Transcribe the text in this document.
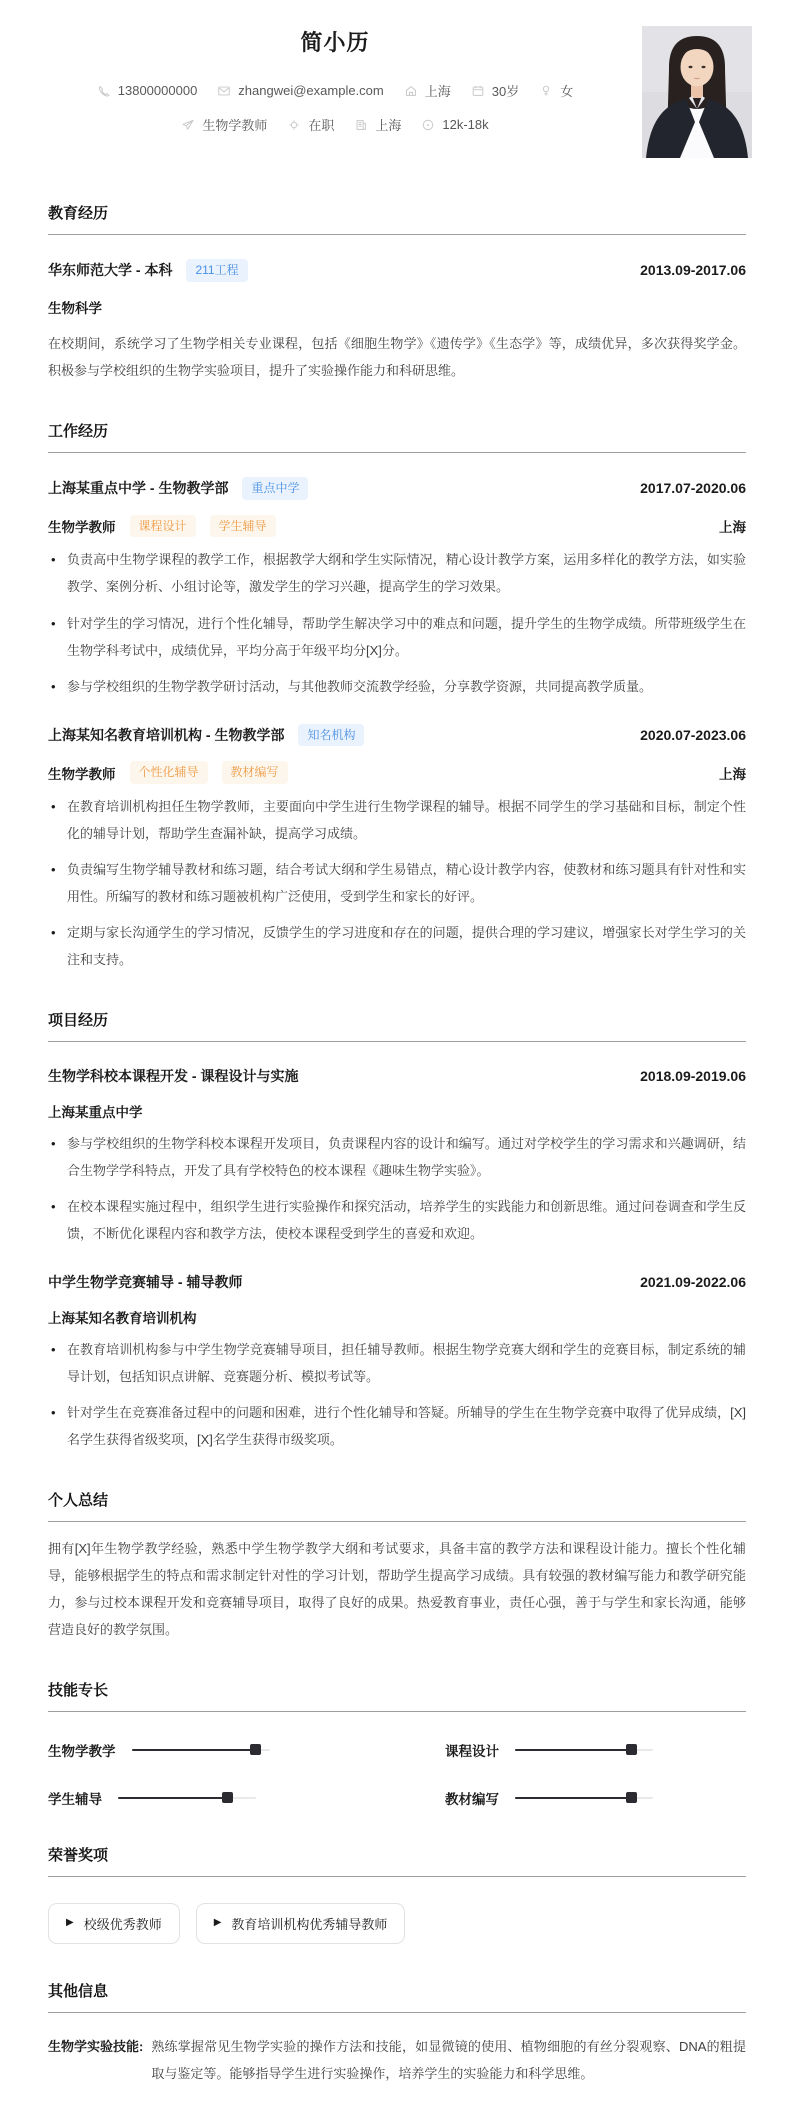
简小历
13800000000	zhangwei@example.com	上海	30岁	女
生物学教师	在职	上海	12k-18k
教育经历
华东师范大学 - 本科	211工程	2013.09-2017.06
生物科学

在校期间，系统学习了生物学相关专业课程，包括《细胞生物学》《遗传学》《生态学》等，成绩优异，多次获得奖学金。积极参与学校组织的生物学实验项目，提升了实验操作能力和科研思维。

工作经历
上海某重点中学 - 生物教学部	重点中学	2017.07-2020.06
生物学教师	课程设计	学生辅导	上海
• 负责高中生物学课程的教学工作，根据教学大纲和学生实际情况，精心设计教学方案，运用多样化的教学方法，如实验教学、案例分析、小组讨论等，激发学生的学习兴趣，提高学生的学习效果。
• 针对学生的学习情况，进行个性化辅导，帮助学生解决学习中的难点和问题，提升学生的生物学成绩。所带班级学生在生物学科考试中，成绩优异，平均分高于年级平均分[X]分。
• 参与学校组织的生物学教学研讨活动，与其他教师交流教学经验，分享教学资源，共同提高教学质量。
上海某知名教育培训机构 - 生物教学部	知名机构	2020.07-2023.06
生物学教师	个性化辅导	教材编写	上海
• 在教育培训机构担任生物学教师，主要面向中学生进行生物学课程的辅导。根据不同学生的学习基础和目标，制定个性化的辅导计划，帮助学生查漏补缺，提高学习成绩。
• 负责编写生物学辅导教材和练习题，结合考试大纲和学生易错点，精心设计教学内容，使教材和练习题具有针对性和实用性。所编写的教材和练习题被机构广泛使用，受到学生和家长的好评。
• 定期与家长沟通学生的学习情况，反馈学生的学习进度和存在的问题，提供合理的学习建议，增强家长对学生学习的关注和支持。
项目经历
生物学科校本课程开发 - 课程设计与实施	2018.09-2019.06
上海某重点中学
• 参与学校组织的生物学科校本课程开发项目，负责课程内容的设计和编写。通过对学校学生的学习需求和兴趣调研，结合生物学学科特点，开发了具有学校特色的校本课程《趣味生物学实验》。
• 在校本课程实施过程中，组织学生进行实验操作和探究活动，培养学生的实践能力和创新思维。通过问卷调查和学生反馈，不断优化课程内容和教学方法，使校本课程受到学生的喜爱和欢迎。
中学生物学竞赛辅导 - 辅导教师	2021.09-2022.06
上海某知名教育培训机构
• 在教育培训机构参与中学生物学竞赛辅导项目，担任辅导教师。根据生物学竞赛大纲和学生的竞赛目标，制定系统的辅导计划，包括知识点讲解、竞赛题分析、模拟考试等。
• 针对学生在竞赛准备过程中的问题和困难，进行个性化辅导和答疑。所辅导的学生在生物学竞赛中取得了优异成绩，[X]名学生获得省级奖项，[X]名学生获得市级奖项。
个人总结

拥有[X]年生物学教学经验，熟悉中学生物学教学大纲和考试要求，具备丰富的教学方法和课程设计能力。擅长个性化辅导，能够根据学生的特点和需求制定针对性的学习计划，帮助学生提高学习成绩。具有较强的教材编写能力和教学研究能力，参与过校本课程开发和竞赛辅导项目，取得了良好的成果。热爱教育事业，责任心强，善于与学生和家长沟通，能够营造良好的教学氛围。

技能专长
生物学教学	课程设计
学生辅导	教材编写
荣誉奖项
▶ 校级优秀教师	▶ 教育培训机构优秀辅导教师
其他信息
生物学实验技能: 熟练掌握常见生物学实验的操作方法和技能，如显微镜的使用、植物细胞的有丝分裂观察、DNA的粗提取与鉴定等。能够指导学生进行实验操作，培养学生的实验能力和科学思维。
